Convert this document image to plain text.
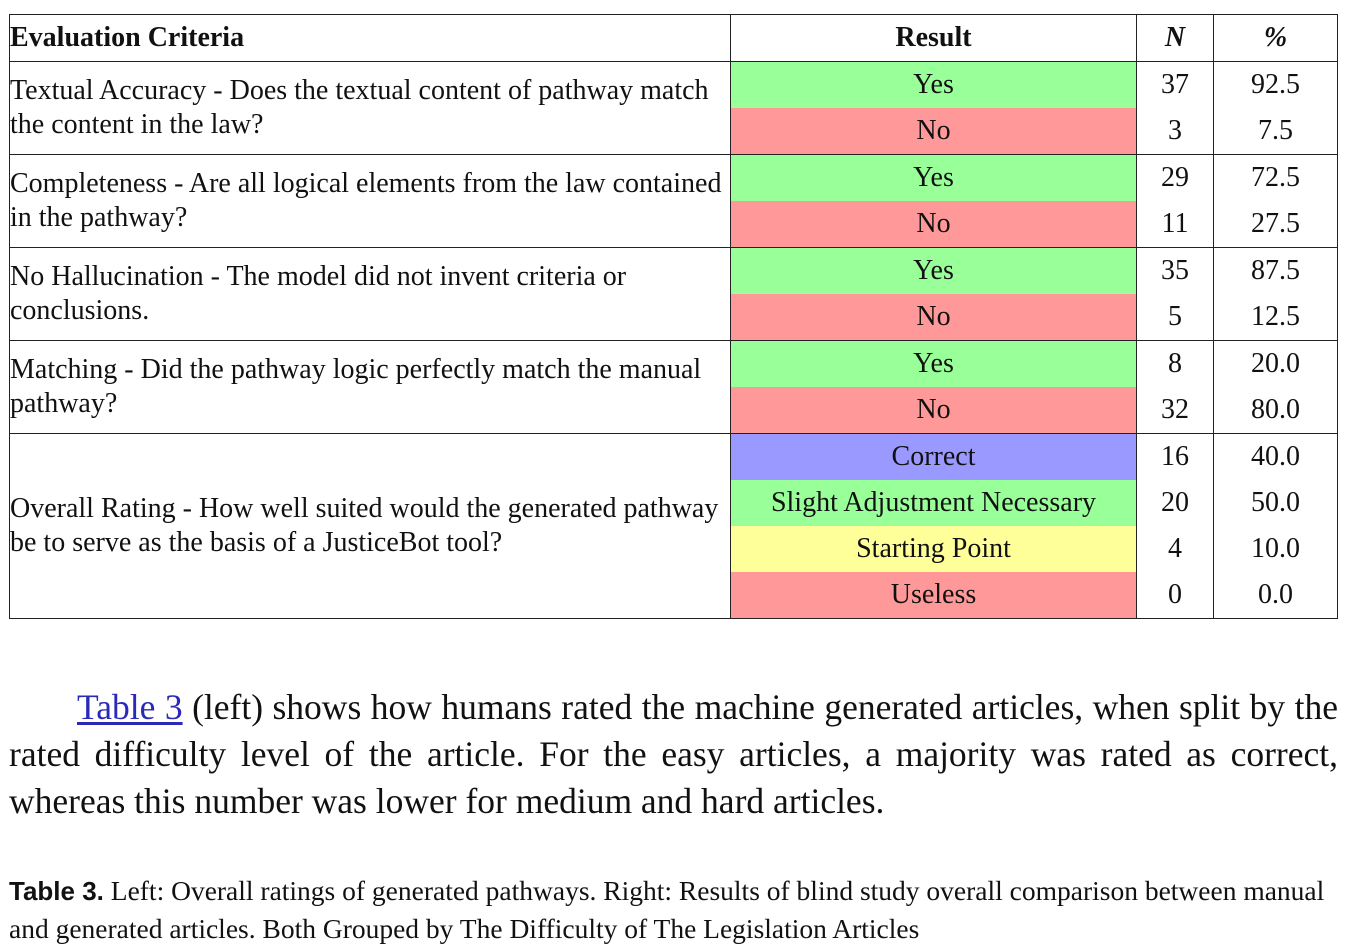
Evaluation Criteria	Result	N	%
Textual Accuracy - Does the textual content of pathway match the content in the law?	Yes	37	92.5
	No	3	7.5
Completeness - Are all logical elements from the law contained in the pathway?	Yes	29	72.5
	No	11	27.5
No Hallucination - The model did not invent criteria or conclusions.	Yes	35	87.5
	No	5	12.5
Matching - Did the pathway logic perfectly match the manual pathway?	Yes	8	20.0
	No	32	80.0
Overall Rating - How well suited would the generated pathway be to serve as the basis of a JusticeBot tool?	Correct	16	40.0
	Slight Adjustment Necessary	20	50.0
	Starting Point	4	10.0
	Useless	0	0.0

Table 3 (left) shows how humans rated the machine generated articles, when split by the rated difficulty level of the article. For the easy articles, a majority was rated as correct, whereas this number was lower for medium and hard articles.

Table 3. Left: Overall ratings of generated pathways. Right: Results of blind study overall comparison between manual and generated articles. Both Grouped by The Difficulty of The Legislation Articles
